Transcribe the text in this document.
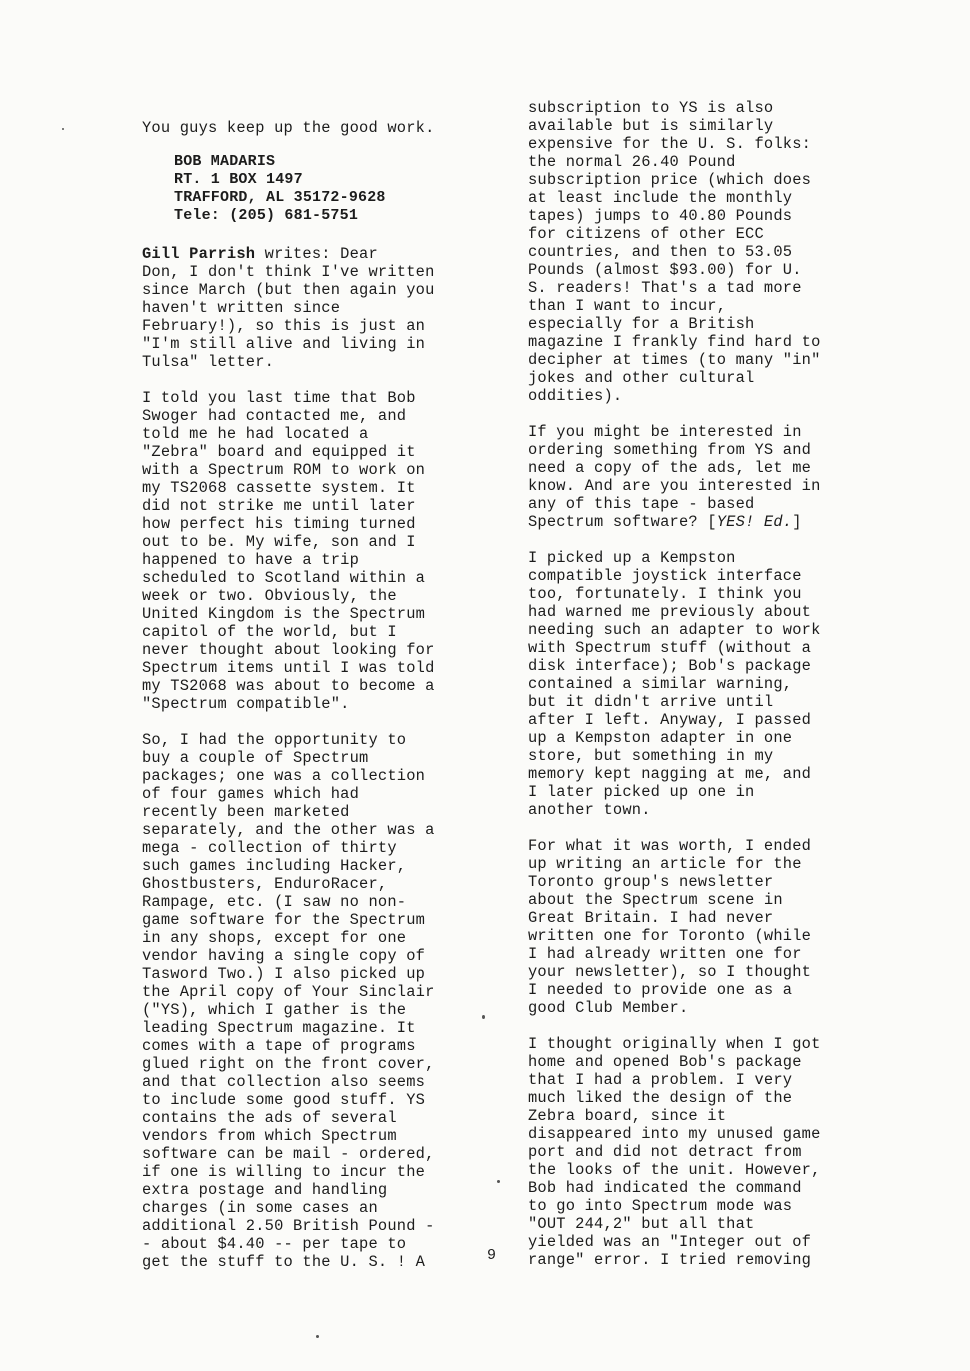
You guys keep up the good work.
BOB MADARIS
RT. 1 BOX 1497
TRAFFORD, AL 35172-9628
Tele: (205) 681-5751
Gill Parrish writes: Dear
Don, I don't think I've written
since March (but then again you
haven't written since
February!), so this is just an
"I'm still alive and living in
Tulsa" letter.
I told you last time that Bob
Swoger had contacted me, and
told me he had located a
"Zebra" board and equipped it
with a Spectrum ROM to work on
my TS2068 cassette system. It
did not strike me until later
how perfect his timing turned
out to be. My wife, son and I
happened to have a trip
scheduled to Scotland within a
week or two. Obviously, the
United Kingdom is the Spectrum
capitol of the world, but I
never thought about looking for
Spectrum items until I was told
my TS2068 was about to become a
"Spectrum compatible".
So, I had the opportunity to
buy a couple of Spectrum
packages; one was a collection
of four games which had
recently been marketed
separately, and the other was a
mega - collection of thirty
such games including Hacker,
Ghostbusters, EnduroRacer,
Rampage, etc. (I saw no non-
game software for the Spectrum
in any shops, except for one
vendor having a single copy of
Tasword Two.) I also picked up
the April copy of Your Sinclair
("YS), which I gather is the
leading Spectrum magazine. It
comes with a tape of programs
glued right on the front cover,
and that collection also seems
to include some good stuff. YS
contains the ads of several
vendors from which Spectrum
software can be mail - ordered,
if one is willing to incur the
extra postage and handling
charges (in some cases an
additional 2.50 British Pound -
- about $4.40 -- per tape to
get the stuff to the U. S. ! A
subscription to YS is also
available but is similarly
expensive for the U. S. folks:
the normal 26.40 Pound
subscription price (which does
at least include the monthly
tapes) jumps to 40.80 Pounds
for citizens of other ECC
countries, and then to 53.05
Pounds (almost $93.00) for U.
S. readers! That's a tad more
than I want to incur,
especially for a British
magazine I frankly find hard to
decipher at times (to many "in"
jokes and other cultural
oddities).
If you might be interested in
ordering something from YS and
need a copy of the ads, let me
know. And are you interested in
any of this tape - based
Spectrum software? [YES! Ed.]
I picked up a Kempston
compatible joystick interface
too, fortunately. I think you
had warned me previously about
needing such an adapter to work
with Spectrum stuff (without a
disk interface); Bob's package
contained a similar warning,
but it didn't arrive until
after I left. Anyway, I passed
up a Kempston adapter in one
store, but something in my
memory kept nagging at me, and
I later picked up one in
another town.
For what it was worth, I ended
up writing an article for the
Toronto group's newsletter
about the Spectrum scene in
Great Britain. I had never
written one for Toronto (while
I had already written one for
your newsletter), so I thought
I needed to provide one as a
good Club Member.
I thought originally when I got
home and opened Bob's package
that I had a problem. I very
much liked the design of the
Zebra board, since it
disappeared into my unused game
port and did not detract from
the looks of the unit. However,
Bob had indicated the command
to go into Spectrum mode was
"OUT 244,2" but all that
yielded was an "Integer out of
range" error. I tried removing
9
